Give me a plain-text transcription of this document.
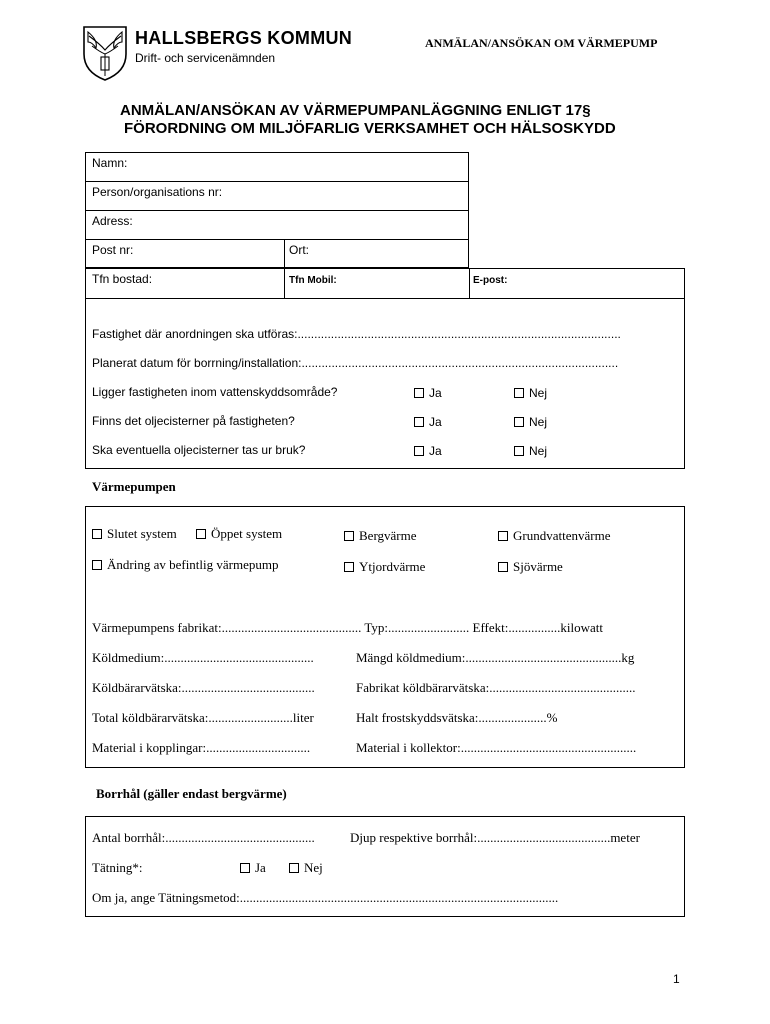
HALLSBERGS KOMMUN
Drift- och servicenämnden
ANMÄLAN/ANSÖKAN OM VÄRMEPUMP
ANMÄLAN/ANSÖKAN AV VÄRMEPUMPANLÄGGNING ENLIGT 17§
FÖRORDNING OM MILJÖFARLIG VERKSAMHET OCH HÄLSOSKYDD
Namn:
Person/organisations nr:
Adress:
Post nr:	Ort:
Tfn bostad:	Tfn Mobil:	E-post:
Fastighet där anordningen ska utföras:.................................................................................................
Planerat datum för borrning/installation:...............................................................................................
Ligger fastigheten inom vattenskyddsområde?	Ja	Nej
Finns det oljecisterner på fastigheten?	Ja	Nej
Ska eventuella oljecisterner tas ur bruk?	Ja	Nej
Värmepumpen
Slutet system	Öppet system	Bergvärme	Grundvattenvärme
Ändring av befintlig värmepump	Ytjordvärme	Sjövärme
Värmepumpens fabrikat:........................................... Typ:......................... Effekt:................kilowatt
Köldmedium:..............................................	Mängd köldmedium:................................................kg
Köldbärarvätska:.........................................	Fabrikat köldbärarvätska:.............................................
Total köldbärarvätska:..........................liter	Halt frostskyddsvätska:.....................%
Material i kopplingar:................................	Material i kollektor:......................................................
Borrhål (gäller endast bergvärme)
Antal borrhål:..............................................	Djup respektive borrhål:.........................................meter
Tätning*:	Ja	Nej
Om ja, ange Tätningsmetod:..................................................................................................
1
